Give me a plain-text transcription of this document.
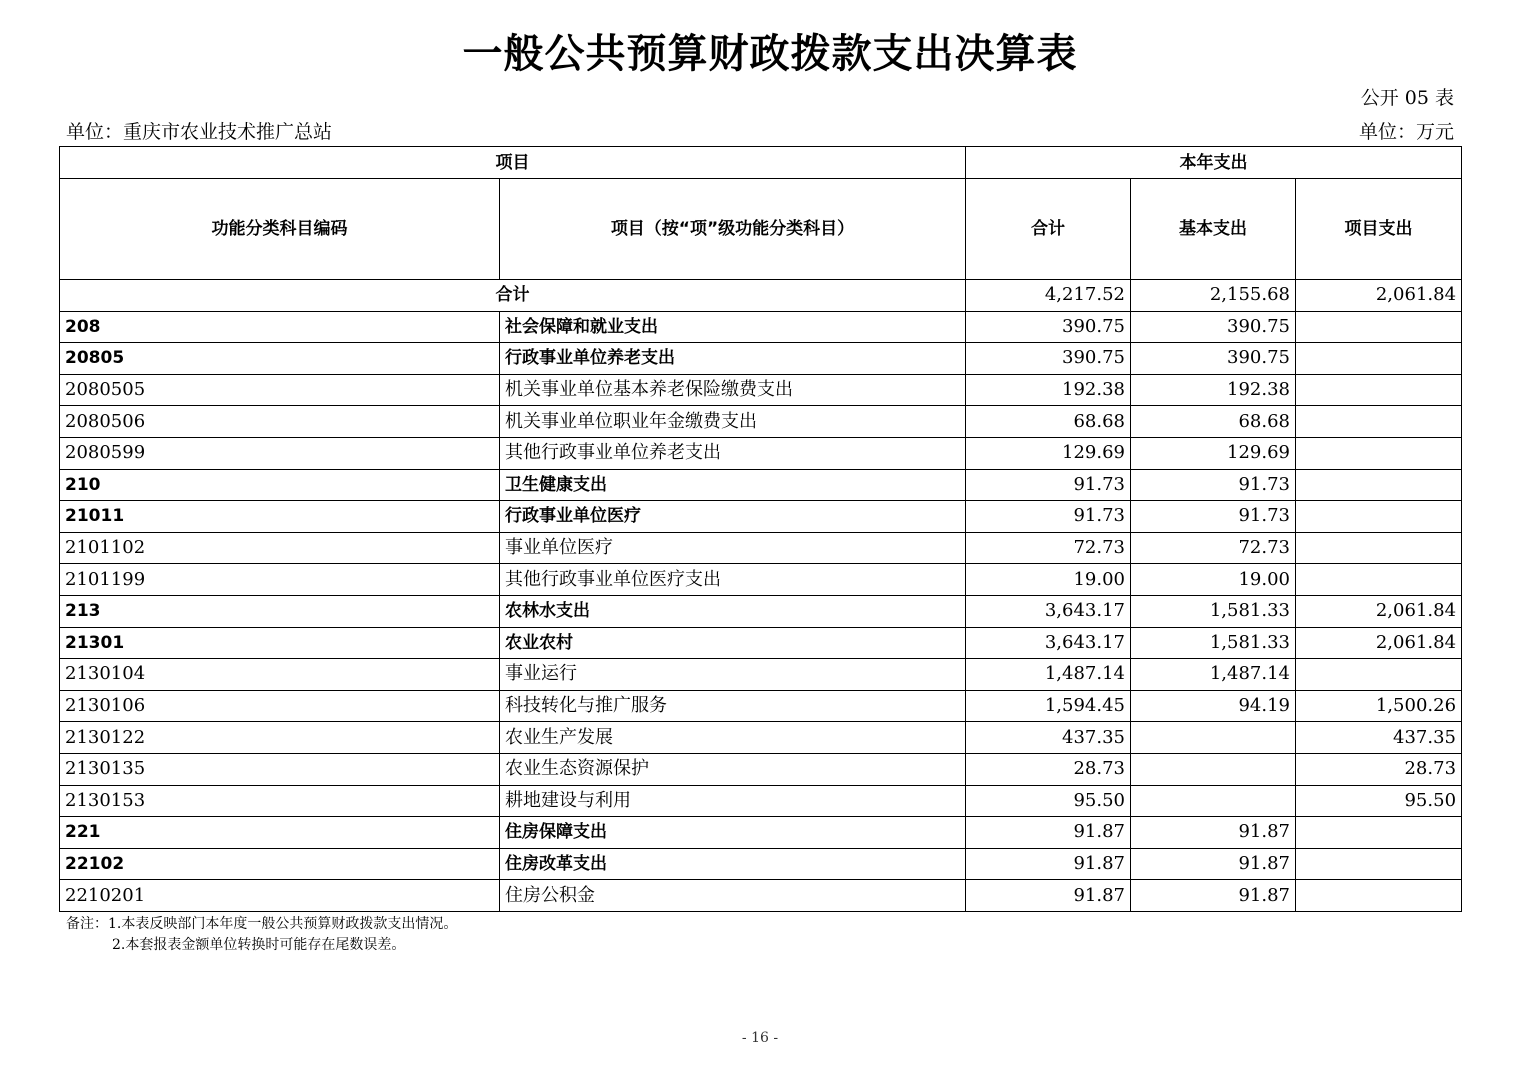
一般公共预算财政拨款支出决算表
公开 05 表
单位：重庆市农业技术推广总站	单位：万元
项目		本年支出		
功能分类科目编码	项目（按“项”级功能分类科目）	合计	基本支出	项目支出
合计		4,217.52	2,155.68	2,061.84
208	社会保障和就业支出	390.75	390.75	
20805	行政事业单位养老支出	390.75	390.75	
2080505	机关事业单位基本养老保险缴费支出	192.38	192.38	
2080506	机关事业单位职业年金缴费支出	68.68	68.68	
2080599	其他行政事业单位养老支出	129.69	129.69	
210	卫生健康支出	91.73	91.73	
21011	行政事业单位医疗	91.73	91.73	
2101102	事业单位医疗	72.73	72.73	
2101199	其他行政事业单位医疗支出	19.00	19.00	
213	农林水支出	3,643.17	1,581.33	2,061.84
21301	农业农村	3,643.17	1,581.33	2,061.84
2130104	事业运行	1,487.14	1,487.14	
2130106	科技转化与推广服务	1,594.45	94.19	1,500.26
2130122	农业生产发展	437.35		437.35
2130135	农业生态资源保护	28.73		28.73
2130153	耕地建设与利用	95.50		95.50
221	住房保障支出	91.87	91.87	
22102	住房改革支出	91.87	91.87	
2210201	住房公积金	91.87	91.87	
备注：1.本表反映部门本年度一般公共预算财政拨款支出情况。
2.本套报表金额单位转换时可能存在尾数误差。
- 16 -
